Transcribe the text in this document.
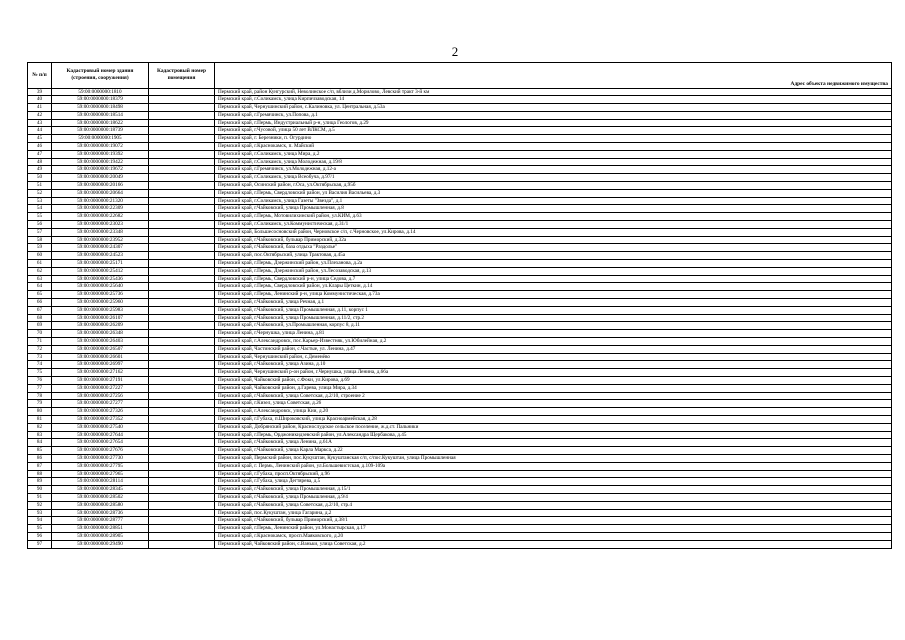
2
№ п/п	Кадастровый номер здания (строения, сооружения)	Кадастровый номер помещения	
			Адрес объекта недвижимого имущества
39	59:00:0000000:1810		Пермский край, район Кунгурский, Неволинское с/п, вблизи д.Морилово, Левский тракт 3-й км
40	59:00:0000000:18379		Пермский край, г.Соликамск, улица Кирпичзаводская, 14
41	59:00:0000000:18498		Пермский край, Чернушинский район, с.Калиновка, ул. Центральная, д.53а
42	59:00:0000000:18514		Пермский край, г.Гремячинск, ул.Попова, д.1
43	59:00:0000000:18622		Пермский край, г.Пермь, Индустриальный р-н, улица Геологов, д.29
44	59:00:0000000:18739		Пермский край, г.Чусовой, улица 50 лет ВЛКСМ, д.5
45	59:00:0000000:1905		Пермский край, г. Березники, п. Огурдино
46	59:00:0000000:19072		Пермский край, г.Краснокамск, п. Майский
47	59:00:0000000:19392		Пермский край, г.Соликамск, улица Мира, д.2
48	59:00:0000000:19422		Пермский край, г.Соликамск, улица Молодежная, д.19/8
49	59:00:0000000:19672		Пермский край, г.Гремячинск, ул.Молодежная, д.12-а
50	59:00:0000000:20049		Пермский край, г.Соликамск, улица Всеобуча, д.97/1
51	59:00:0000000:20166		Пермский край, Осинский район, г.Оса, ул.Октябрьская, д.95б
52	59:00:0000000:20664		Пермский край, г.Пермь, Свердловский район, ул Василия Васильева, д.3
53	59:00:0000000:21320		Пермский край, г.Соликамск, улица Газеты "Звезда", д.1
54	59:00:0000000:22309		Пермский край, г.Чайковский, улица Промышленная, д.8
55	59:00:0000000:22682		Пермский край, г.Пермь, Мотовилихинский район, ул.КИМ, д.63
56	59:00:0000000:23023		Пермский край, г.Соликамск, ул.Коммунистическая, д.31/1
57	59:00:0000000:23348		Пермский край, Большесосновский район, Черновское с/п, с.Черновское, ул.Кирова, д.14
58	59:00:0000000:23952		Пермский край, г.Чайковский, бульвар Приморский, д.32а
59	59:00:0000000:24307		Пермский край, г.Чайковский, база отдыха "Раздолье"
60	59:00:0000000:24523		Пермский край, пос.Октябрьский, улица Трактовая, д.45а
61	59:00:0000000:25171		Пермский край, г.Пермь, Дзержинский район, ул.Плеханова, д.2а
62	59:00:0000000:25412		Пермский край, г.Пермь, Дзержинский район, ул.Лесозаводская, д.13
63	59:00:0000000:25436		Пермский край, г.Пермь, Свердловский р-н, улица Седова, д.7
64	59:00:0000000:25640		Пермский край, г.Пермь, Свердловский район, ул.Клары Цеткин, д.14
65	59:00:0000000:25736		Пермский край, г.Пермь, Ленинский р-н, улица Коммунистическая, д.73а
66	59:00:0000000:25960		Пермский край, г.Чайковский, улица Речная, д.1
67	59:00:0000000:25983		Пермский край, г.Чайковский, улица Промышленная, д.11, корпус 1
68	59:00:0000000:26107		Пермский край, г.Чайковский, улица Промышленная, д.11/2, стр.2
69	59:00:0000000:26209		Пермский край, г.Чайковский, ул.Промышленная, корпус 8, д.11
70	59:00:0000000:26348		Пермский край, г.Чернушка, улица Ленина, д.81
71	59:00:0000000:26403		Пермский край, г.Александровск, пос.Карьер-Известняк, ул.Юбилейная, д.2
72	59:00:0000000:26507		Пермский край, Частинский район, с.Частые, ул. Ленина, д.47
73	59:00:0000000:26601		Пермский край, Чернушинский район, с.Деменёво
74	59:00:0000000:26997		Пермский край, г.Чайковский, улица Азина, д.10
75	59:00:0000000:27162		Пермский край, Чернушинский р-он район, г.Чернушка, улица Ленина, д.66а
76	59:00:0000000:27191		Пермский край, Чайковский район, с.Фоки, ул.Кирова, д.69
77	59:00:0000000:27227		Пермский край, Чайковский район, д.Гарева, улица Мира, д.34
78	59:00:0000000:27256		Пермский край, г.Чайковский, улица Советская, д.2/10, строение 2
79	59:00:0000000:27277		Пермский край, г.Кизел, улица Советская, д.26
80	59:00:0000000:27326		Пермский край, г.Александровск, улица Кии, д.20
81	59:00:0000000:27352		Пермский край, г.Губаха, п.Широковский, улица Красноармейская, д.28
82	59:00:0000000:27540		Пермский край, Добрянский район, Краснослудское сельское поселение, ж.д.ст. Пальники
83	59:00:0000000:27644		Пермский край, г.Пермь, Орджоникидзевский район, ул.Александра Щербакова, д.45
84	59:00:0000000:27654		Пермский край, г.Чайковский, улица Ленина, д.61А
85	59:00:0000000:27676		Пермский край, г.Чайковский, улица Карла Маркса, д.22
86	59:00:0000000:27730		Пермский край, Пермский район, пос.Кукуштан, Кукуштанская с/п, с/пос.Кукуштан, улица Промышленная
87	59:00:0000000:27795		Пермский край, г. Пермь, Ленинский район, ул.Большевистская, д.109-109а
88	59:00:0000000:27965		Пермский край, г.Губаха, просп.Октябрьский, д.96
89	59:00:0000000:28114		Пермский край, г.Губаха, улица Дегтярева, д.5
90	59:00:0000000:28345		Пермский край, г.Чайковский, улица Промышленная, д.15/1
91	59:00:0000000:28502		Пермский край, г.Чайковский, улица Промышленная, д.9/4
92	59:00:0000000:28580		Пермский край, г.Чайковский, улица Советская, д.2/10, стр.4
93	59:00:0000000:28736		Пермский край, пос.Кукуштан, улица Гагарина, д.2
94	59:00:0000000:28777		Пермский край, г.Чайковский, бульвар Приморский, д.38/1
95	59:00:0000000:28851		Пермский край, г.Пермь, Ленинский район, ул.Монастырская, д.17
96	59:00:0000000:28905		Пермский край, г.Краснокамск, просп.Маяковского, д.20
97	59:00:0000000:29490		Пермский край, Чайковский район, с.Ваньки, улица Советская, д.2
